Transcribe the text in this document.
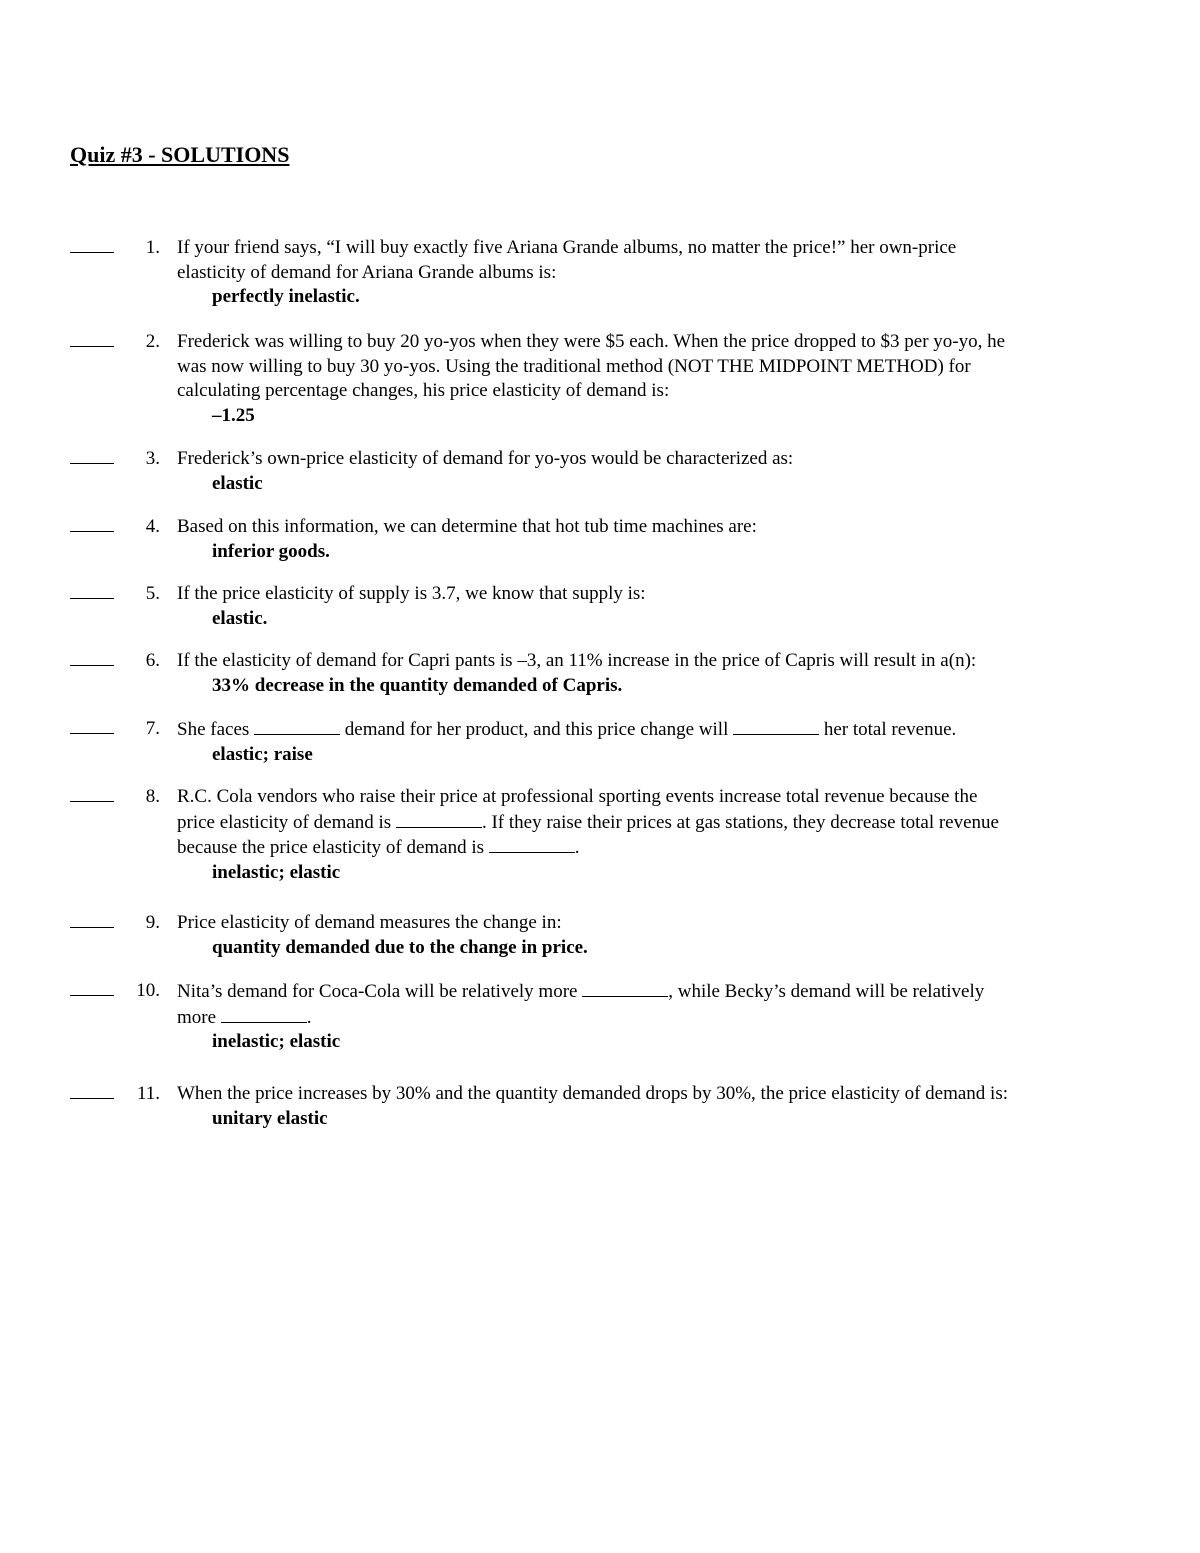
Quiz #3 - SOLUTIONS
1. If your friend says, “I will buy exactly five Ariana Grande albums, no matter the price!” her own-price
elasticity of demand for Ariana Grande albums is:
perfectly inelastic.
2. Frederick was willing to buy 20 yo-yos when they were $5 each. When the price dropped to $3 per yo-yo, he
was now willing to buy 30 yo-yos. Using the traditional method (NOT THE MIDPOINT METHOD) for
calculating percentage changes, his price elasticity of demand is:
–1.25
3. Frederick’s own-price elasticity of demand for yo-yos would be characterized as:
elastic
4. Based on this information, we can determine that hot tub time machines are:
inferior goods.
5. If the price elasticity of supply is 3.7, we know that supply is:
elastic.
6. If the elasticity of demand for Capri pants is –3, an 11% increase in the price of Capris will result in a(n):
33% decrease in the quantity demanded of Capris.
7. She faces	demand for her product, and this price change will	her total revenue.
elastic; raise
8. R.C. Cola vendors who raise their price at professional sporting events increase total revenue because the
price elasticity of demand is	. If they raise their prices at gas stations, they decrease total revenue
because the price elasticity of demand is	.
inelastic; elastic
9. Price elasticity of demand measures the change in:
quantity demanded due to the change in price.
10. Nita’s demand for Coca-Cola will be relatively more	, while Becky’s demand will be relatively
more	.
inelastic; elastic
11. When the price increases by 30% and the quantity demanded drops by 30%, the price elasticity of demand is:
unitary elastic
